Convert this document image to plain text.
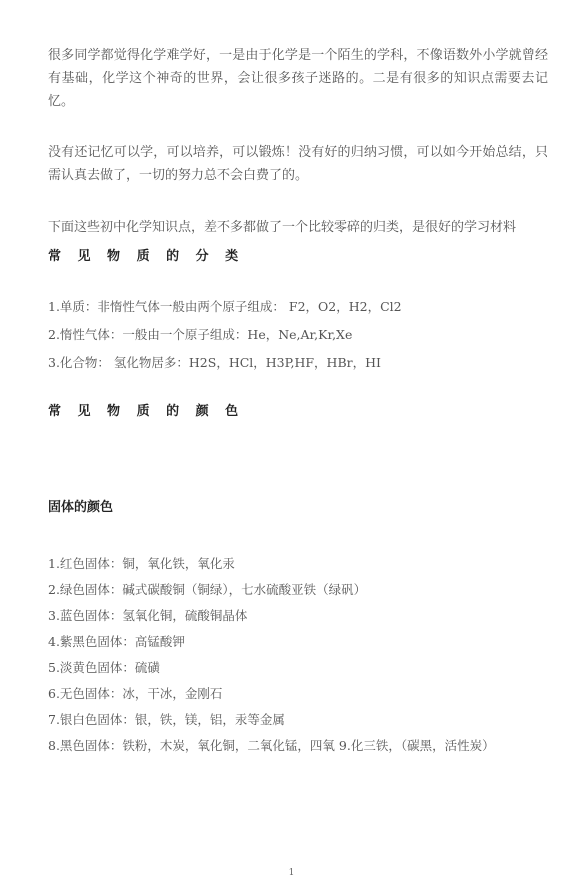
很多同学都觉得化学难学好，一是由于化学是一个陌生的学科，不像语数外小学就曾经有基础，化学这个神奇的世界，会让很多孩子迷路的。二是有很多的知识点需要去记忆。

没有还记忆可以学，可以培养，可以锻炼！没有好的归纳习惯，可以如今开始总结，只需认真去做了，一切的努力总不会白费了的。

下面这些初中化学知识点，差不多都做了一个比较零碎的归类，是很好的学习材料

常 见 物 质 的 分 类

1.单质：非惰性气体一般由两个原子组成： F2，O2，H2，Cl2

2.惰性气体：一般由一个原子组成：He，Ne,Ar,Kr,Xe

3.化合物： 氢化物居多：H2S，HCl，H3P,HF，HBr，HI

常 见 物 质 的 颜 色

固体的颜色

1.红色固体：铜，氧化铁，氧化汞

2.绿色固体：碱式碳酸铜（铜绿），七水硫酸亚铁（绿矾）

3.蓝色固体：氢氧化铜，硫酸铜晶体

4.紫黑色固体：高锰酸钾

5.淡黄色固体：硫磺

6.无色固体：冰，干冰，金刚石

7.银白色固体：银，铁，镁，铝，汞等金属

8.黑色固体：铁粉，木炭，氧化铜，二氧化锰，四氧 9.化三铁，（碳黑，活性炭）

1
